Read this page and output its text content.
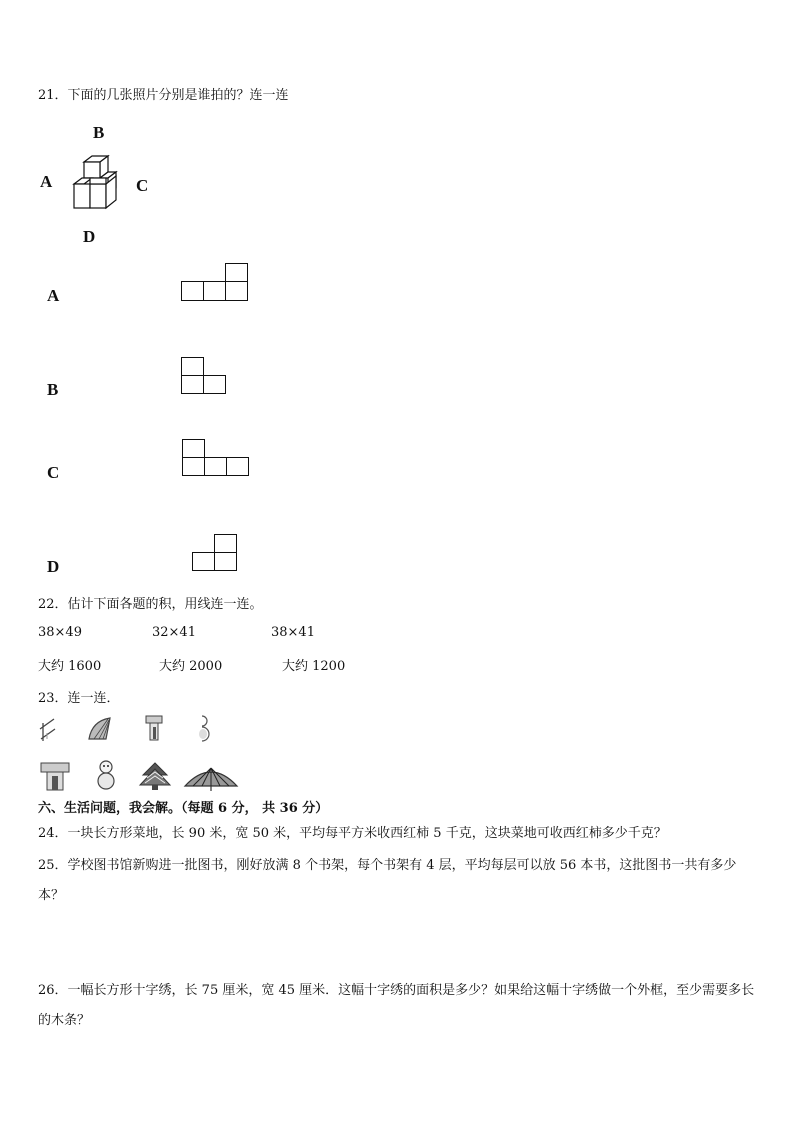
21．下面的几张照片分别是谁拍的？连一连
B
A	C
D
A
B
C
D
22．估计下面各题的积，用线连一连。
38×49	32×41	38×41
大约 1600	大约 2000	大约 1200
23．连一连．
六、生活问题，我会解。（每题 6 分， 共 36 分）
24．一块长方形菜地，长 90 米，宽 50 米，平均每平方米收西红柿 5 千克，这块菜地可收西红柿多少千克？
25．学校图书馆新购进一批图书，刚好放满 8 个书架，每个书架有 4 层，平均每层可以放 56 本书，这批图书一共有多少本？
26．一幅长方形十字绣，长 75 厘米，宽 45 厘米．这幅十字绣的面积是多少？如果给这幅十字绣做一个外框，至少需要多长的木条？
